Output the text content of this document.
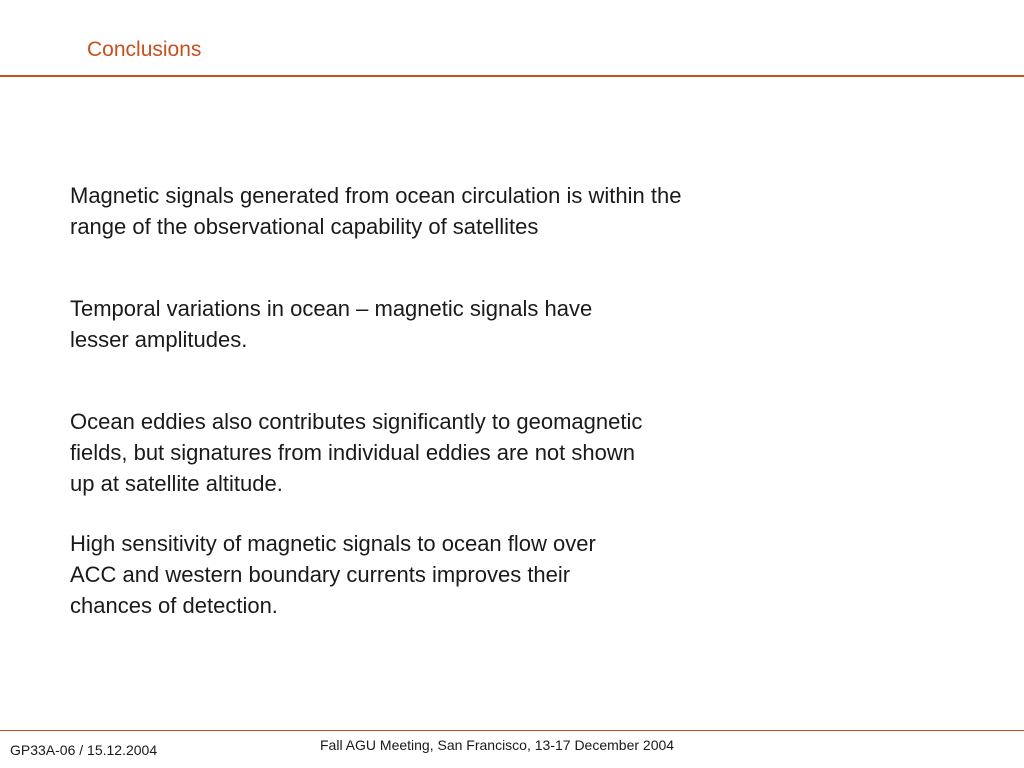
Conclusions

Magnetic signals generated from ocean circulation is within the
range of the observational capability of satellites

Temporal variations in ocean – magnetic signals have
lesser amplitudes.

Ocean eddies also contributes significantly to geomagnetic
fields, but signatures from individual eddies are not shown
up at satellite altitude.

High sensitivity of magnetic signals to ocean flow over
ACC and western boundary currents improves their
chances of detection.

Fall AGU Meeting, San Francisco, 13-17 December 2004
GP33A-06 / 15.12.2004
